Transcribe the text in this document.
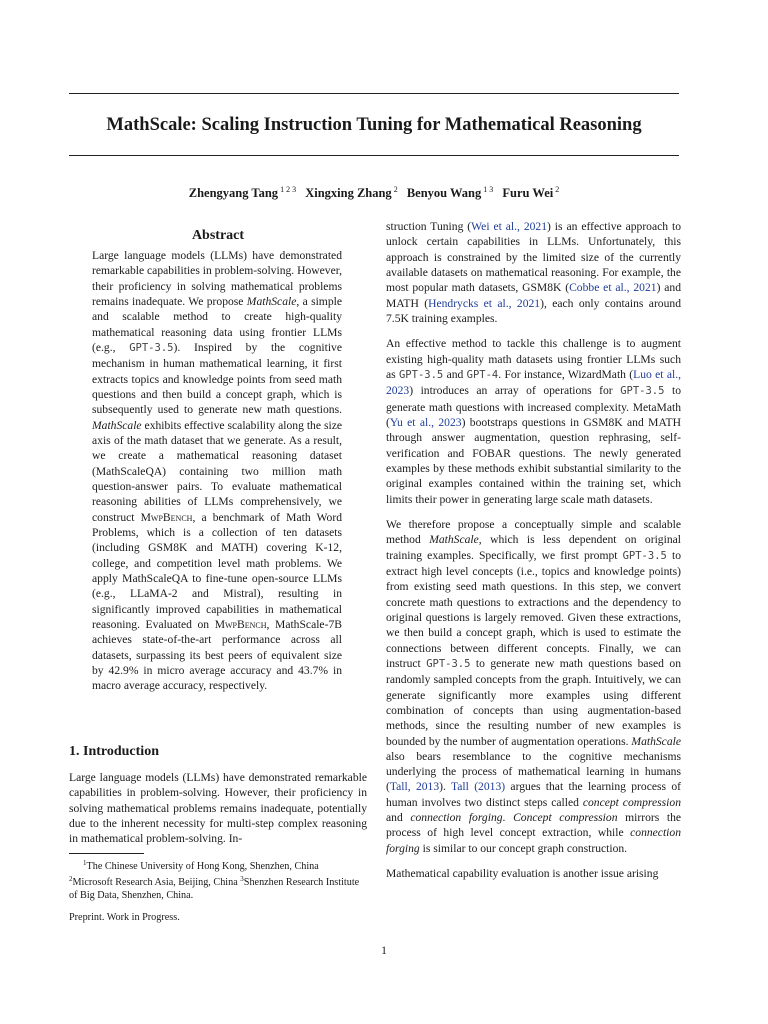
MathScale: Scaling Instruction Tuning for Mathematical Reasoning
Zhengyang Tang $^{1 2 3}$ Xingxing Zhang $^2$ Benyou Wang $^{1 3}$ Furu Wei $^2$
Abstract
Large language models (LLMs) have demonstrated remarkable capabilities in problem-solving. However, their proficiency in solving mathematical problems remains inadequate. We propose MathScale, a simple and scalable method to create high-quality mathematical reasoning data using frontier LLMs (e.g., GPT-3.5). Inspired by the cognitive mechanism in human mathematical learning, it first extracts topics and knowledge points from seed math questions and then build a concept graph, which is subsequently used to generate new math questions. MathScale exhibits effective scalability along the size axis of the math dataset that we generate. As a result, we create a mathematical reasoning dataset (MathScaleQA) containing two million math question-answer pairs. To evaluate mathematical reasoning abilities of LLMs comprehensively, we construct MwpBench, a benchmark of Math Word Problems, which is a collection of ten datasets (including GSM8K and MATH) covering K-12, college, and competition level math problems. We apply MathScaleQA to fine-tune open-source LLMs (e.g., LLaMA-2 and Mistral), resulting in significantly improved capabilities in mathematical reasoning. Evaluated on MwpBench, MathScale-7B achieves state-of-the-art performance across all datasets, surpassing its best peers of equivalent size by 42.9% in micro average accuracy and 43.7% in macro average accuracy, respectively.
1. Introduction
Large language models (LLMs) have demonstrated remarkable capabilities in problem-solving. However, their proficiency in solving mathematical problems remains inadequate, potentially due to the inherent necessity for multi-step complex reasoning in mathematical problem-solving. In-
$^1$The Chinese University of Hong Kong, Shenzhen, China
$^2$Microsoft Research Asia, Beijing, China $^3$Shenzhen Research Institute of Big Data, Shenzhen, China.
Preprint. Work in Progress.

struction Tuning (Wei et al., 2021) is an effective approach to unlock certain capabilities in LLMs. Unfortunately, this approach is constrained by the limited size of the currently available datasets on mathematical reasoning. For example, the most popular math datasets, GSM8K (Cobbe et al., 2021) and MATH (Hendrycks et al., 2021), each only contains around 7.5K training examples.

An effective method to tackle this challenge is to augment existing high-quality math datasets using frontier LLMs such as GPT-3.5 and GPT-4. For instance, WizardMath (Luo et al., 2023) introduces an array of operations for GPT-3.5 to generate math questions with increased complexity. MetaMath (Yu et al., 2023) bootstraps questions in GSM8K and MATH through answer augmentation, question rephrasing, self-verification and FOBAR questions. The newly generated examples by these methods exhibit substantial similarity to the original examples contained within the training set, which limits their power in generating large scale math datasets.

We therefore propose a conceptually simple and scalable method MathScale, which is less dependent on original training examples. Specifically, we first prompt GPT-3.5 to extract high level concepts (i.e., topics and knowledge points) from existing seed math questions. In this step, we convert concrete math questions to extractions and the dependency to original questions is largely removed. Given these extractions, we then build a concept graph, which is used to estimate the connections between different concepts. Finally, we can instruct GPT-3.5 to generate new math questions based on randomly sampled concepts from the graph. Intuitively, we can generate significantly more examples using different combination of concepts than using augmentation-based methods, since the resulting number of new examples is bounded by the number of augmentation operations. MathScale also bears resemblance to the cognitive mechanisms underlying the process of mathematical learning in humans (Tall, 2013). Tall (2013) argues that the learning process of human involves two distinct steps called concept compression and connection forging. Concept compression mirrors the process of high level concept extraction, while connection forging is similar to our concept graph construction.

Mathematical capability evaluation is another issue arising

1
